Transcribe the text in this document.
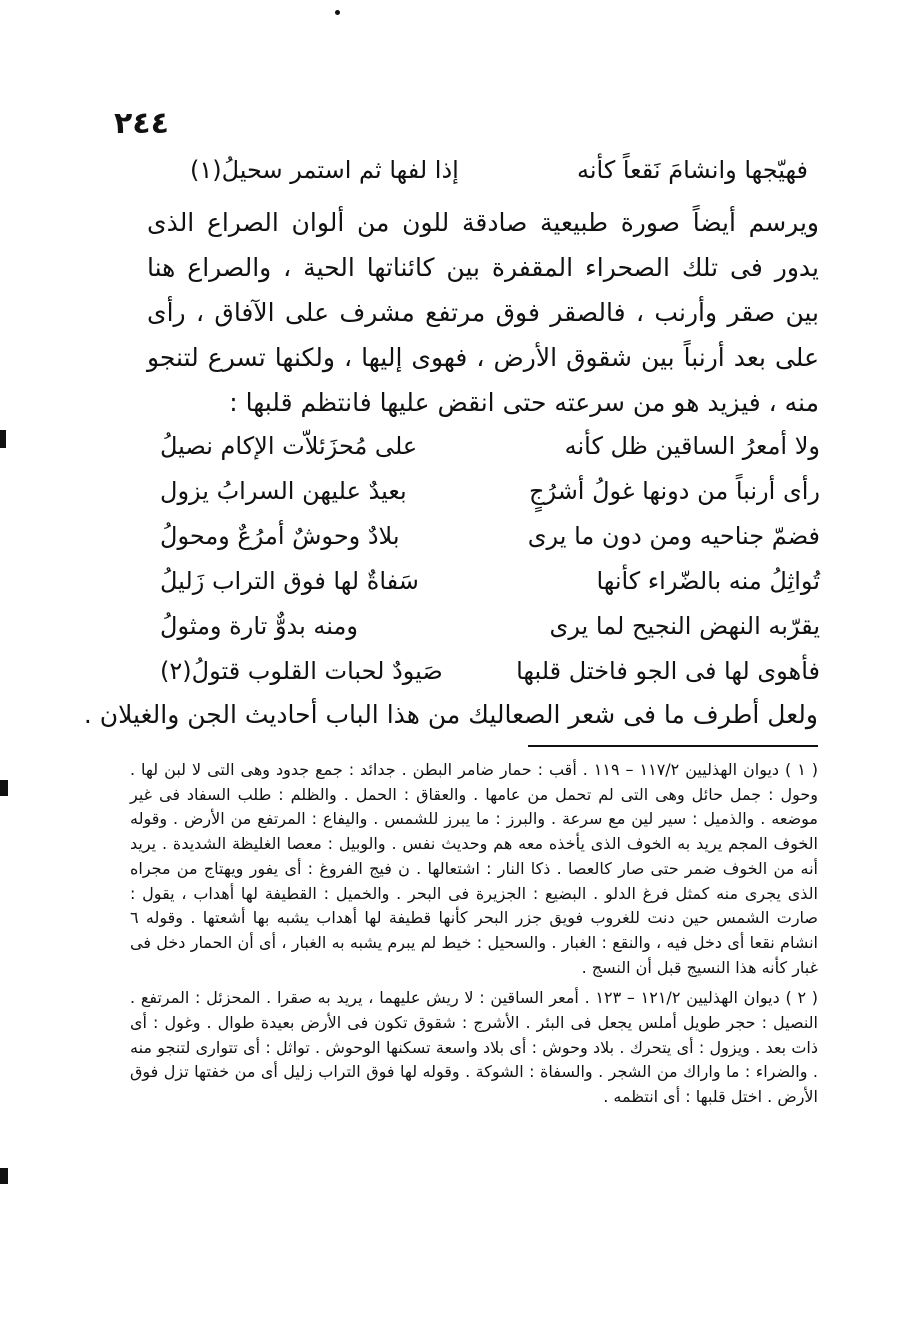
٢٤٤
فهيّجها وانشامَ نَقعاً كأنه
إذا لفها ثم استمر سحيلُ(١)

ويرسم أيضاً صورة طبيعية صادقة للون من ألوان الصراع الذى يدور فى تلك الصحراء المقفرة بين كائناتها الحية ، والصراع هنا بين صقر وأرنب ، فالصقر فوق مرتفع مشرف على الآفاق ، رأى على بعد أرنباً بين شقوق الأرض ، فهوى إليها ، ولكنها تسرع لتنجو منه ، فيزيد هو من سرعته حتى انقض عليها فانتظم قلبها :

ولا أمعرُ الساقين ظل كأنه
على مُحزَئلاّت الإكام نصيلُ
رأى أرنباً من دونها غولُ أشرُجٍ
بعيدٌ عليهن السرابُ يزول
فضمّ جناحيه ومن دون ما يرى
بلادٌ وحوشٌ أمرُعٌ ومحولُ
تُواثِلُ منه بالضّراء كأنها
سَفاةٌ لها فوق التراب زَليلُ
يقرّبه النهض النجيح لما يرى
ومنه بدوٌّ تارة ومثولُ
فأهوى لها فى الجو فاختل قلبها
صَيودٌ لحبات القلوب قتولُ(٢)
ولعل أطرف ما فى شعر الصعاليك من هذا الباب أحاديث الجن والغيلان .

( ١ ) ديوان الهذليين ١١٧/٢ – ١١٩ . أقب : حمار ضامر البطن . جدائد : جمع جدود وهى التى لا لبن لها . وحول : جمل حائل وهى التى لم تحمل من عامها . والعقاق : الحمل . والظلم : طلب السفاد فى غير موضعه . والذميل : سير لين مع سرعة . والبرز : ما يبرز للشمس . واليفاع : المرتفع من الأرض . وقوله الخوف المجم يريد به الخوف الذى يأخذه معه هم وحديث نفس . والوبيل : معصا الغليظة الشديدة . يريد أنه من الخوف ضمر حتى صار كالعصا . ذكا النار : اشتعالها . ن فيج الفروغ : أى يفور ويهتاج من مجراه الذى يجرى منه كمثل فرغ الدلو . البضيع : الجزيرة فى البحر . والخميل : القطيفة لها أهداب ، يقول : صارت الشمس حين دنت للغروب فويق جزر البحر كأنها قطيفة لها أهداب يشبه بها أشعتها . وقوله ٦ انشام نقعا أى دخل فيه ، والنقع : الغبار . والسحيل : خيط لم يبرم يشبه به الغبار ، أى أن الحمار دخل فى غبار كأنه هذا النسيج قبل أن النسج .

( ٢ ) ديوان الهذليين ١٢١/٢ – ١٢٣ . أمعر الساقين : لا ريش عليهما ، يريد به صقرا . المحزئل : المرتفع . النصيل : حجر طويل أملس يجعل فى البئر . الأشرج : شقوق تكون فى الأرض بعيدة طوال . وغول : أى ذات بعد . ويزول : أى يتحرك . بلاد وحوش : أى بلاد واسعة تسكنها الوحوش . تواثل : أى تتوارى لتنجو منه . والضراء : ما واراك من الشجر . والسفاة : الشوكة . وقوله لها فوق التراب زليل أى من خفتها تزل فوق الأرض . اختل قلبها : أى انتظمه .
